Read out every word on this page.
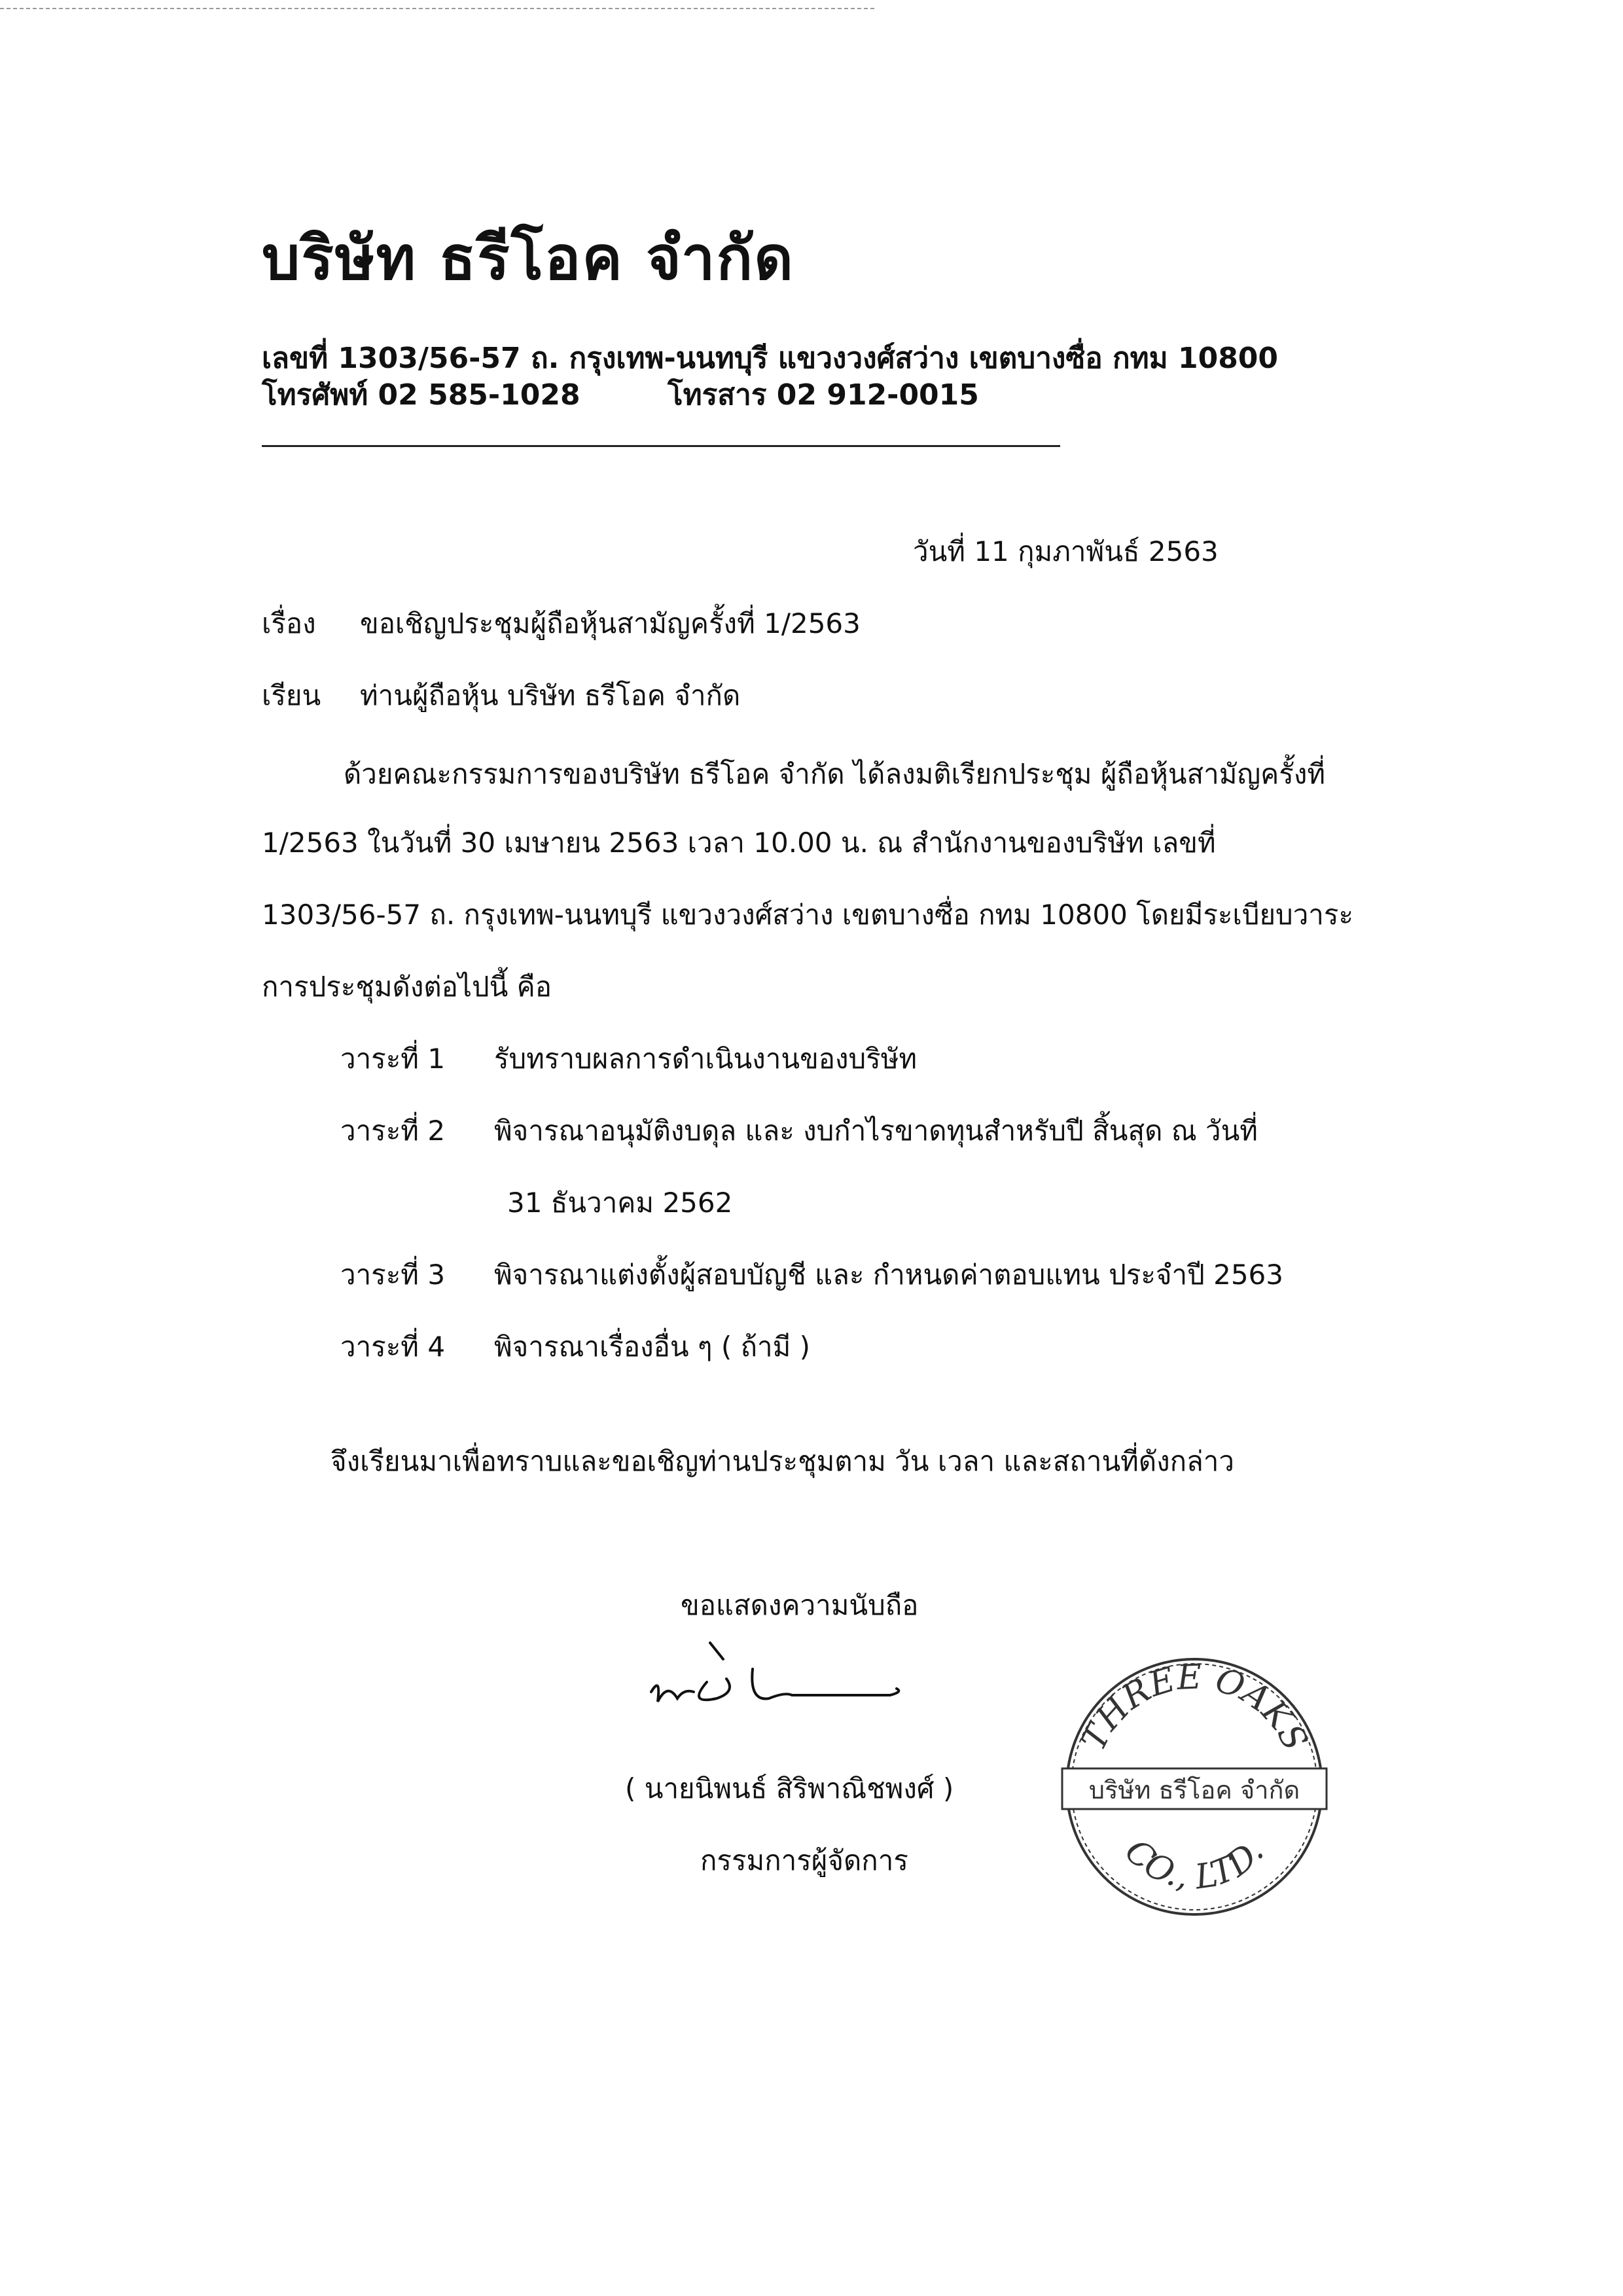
บริษัท ธรีโอค จำกัด
เลขที่ 1303/56-57 ถ. กรุงเทพ-นนทบุรี แขวงวงศ์สว่าง เขตบางซื่อ กทม 10800
โทรศัพท์ 02 585-1028	โทรสาร 02 912-0015
วันที่ 11 กุมภาพันธ์ 2563
เรื่อง ขอเชิญประชุมผู้ถือหุ้นสามัญครั้งที่ 1/2563
เรียน ท่านผู้ถือหุ้น บริษัท ธรีโอค จำกัด
ด้วยคณะกรรมการของบริษัท ธรีโอค จำกัด ได้ลงมติเรียกประชุม ผู้ถือหุ้นสามัญครั้งที่
1/2563 ในวันที่ 30 เมษายน 2563 เวลา 10.00 น. ณ สำนักงานของบริษัท เลขที่
1303/56-57 ถ. กรุงเทพ-นนทบุรี แขวงวงศ์สว่าง เขตบางซื่อ กทม 10800 โดยมีระเบียบวาระ
การประชุมดังต่อไปนี้ คือ
วาระที่ 1 รับทราบผลการดำเนินงานของบริษัท
วาระที่ 2 พิจารณาอนุมัติงบดุล และ งบกำไรขาดทุนสำหรับปี สิ้นสุด ณ วันที่
31 ธันวาคม 2562
วาระที่ 3 พิจารณาแต่งตั้งผู้สอบบัญชี และ กำหนดค่าตอบแทน ประจำปี 2563
วาระที่ 4 พิจารณาเรื่องอื่น ๆ ( ถ้ามี )
จึงเรียนมาเพื่อทราบและขอเชิญท่านประชุมตาม วัน เวลา และสถานที่ดังกล่าว
ขอแสดงความนับถือ
( นายนิพนธ์ สิริพาณิชพงศ์ )
กรรมการผู้จัดการ
THREE OAKS
บริษัท ธรีโอค จำกัด
CO., LTD.
